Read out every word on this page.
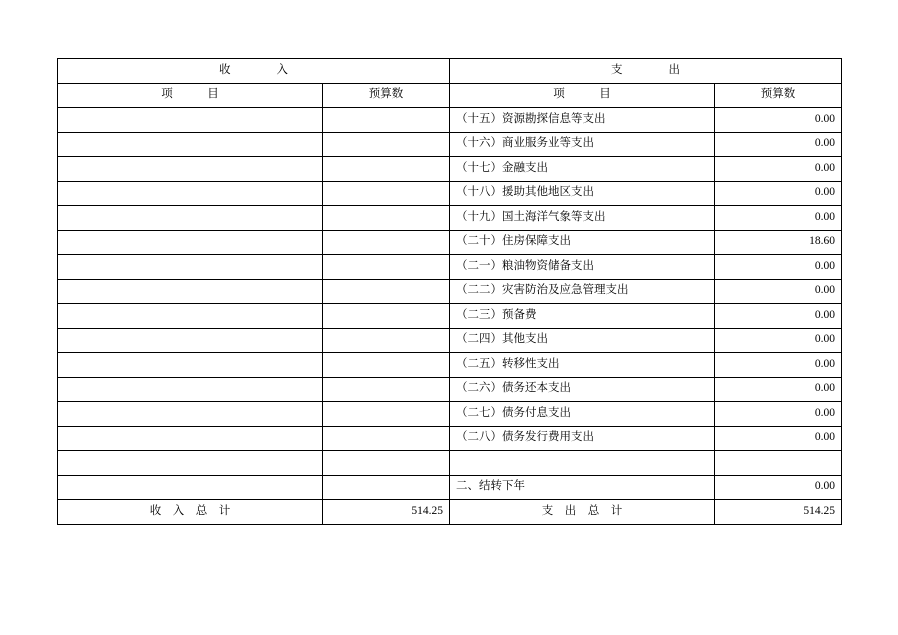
收　　　　入		支　　　　出	
项　　　目	预算数	项　　　目	预算数
		（十五）资源勘探信息等支出	0.00
		（十六）商业服务业等支出	0.00
		（十七）金融支出	0.00
		（十八）援助其他地区支出	0.00
		（十九）国土海洋气象等支出	0.00
		（二十）住房保障支出	18.60
		（二一）粮油物资储备支出	0.00
		（二二）灾害防治及应急管理支出	0.00
		（二三）预备费	0.00
		（二四）其他支出	0.00
		（二五）转移性支出	0.00
		（二六）债务还本支出	0.00
		（二七）债务付息支出	0.00
		（二八）债务发行费用支出	0.00

		二、结转下年	0.00
收　入　总　计	514.25	支　出　总　计	514.25
